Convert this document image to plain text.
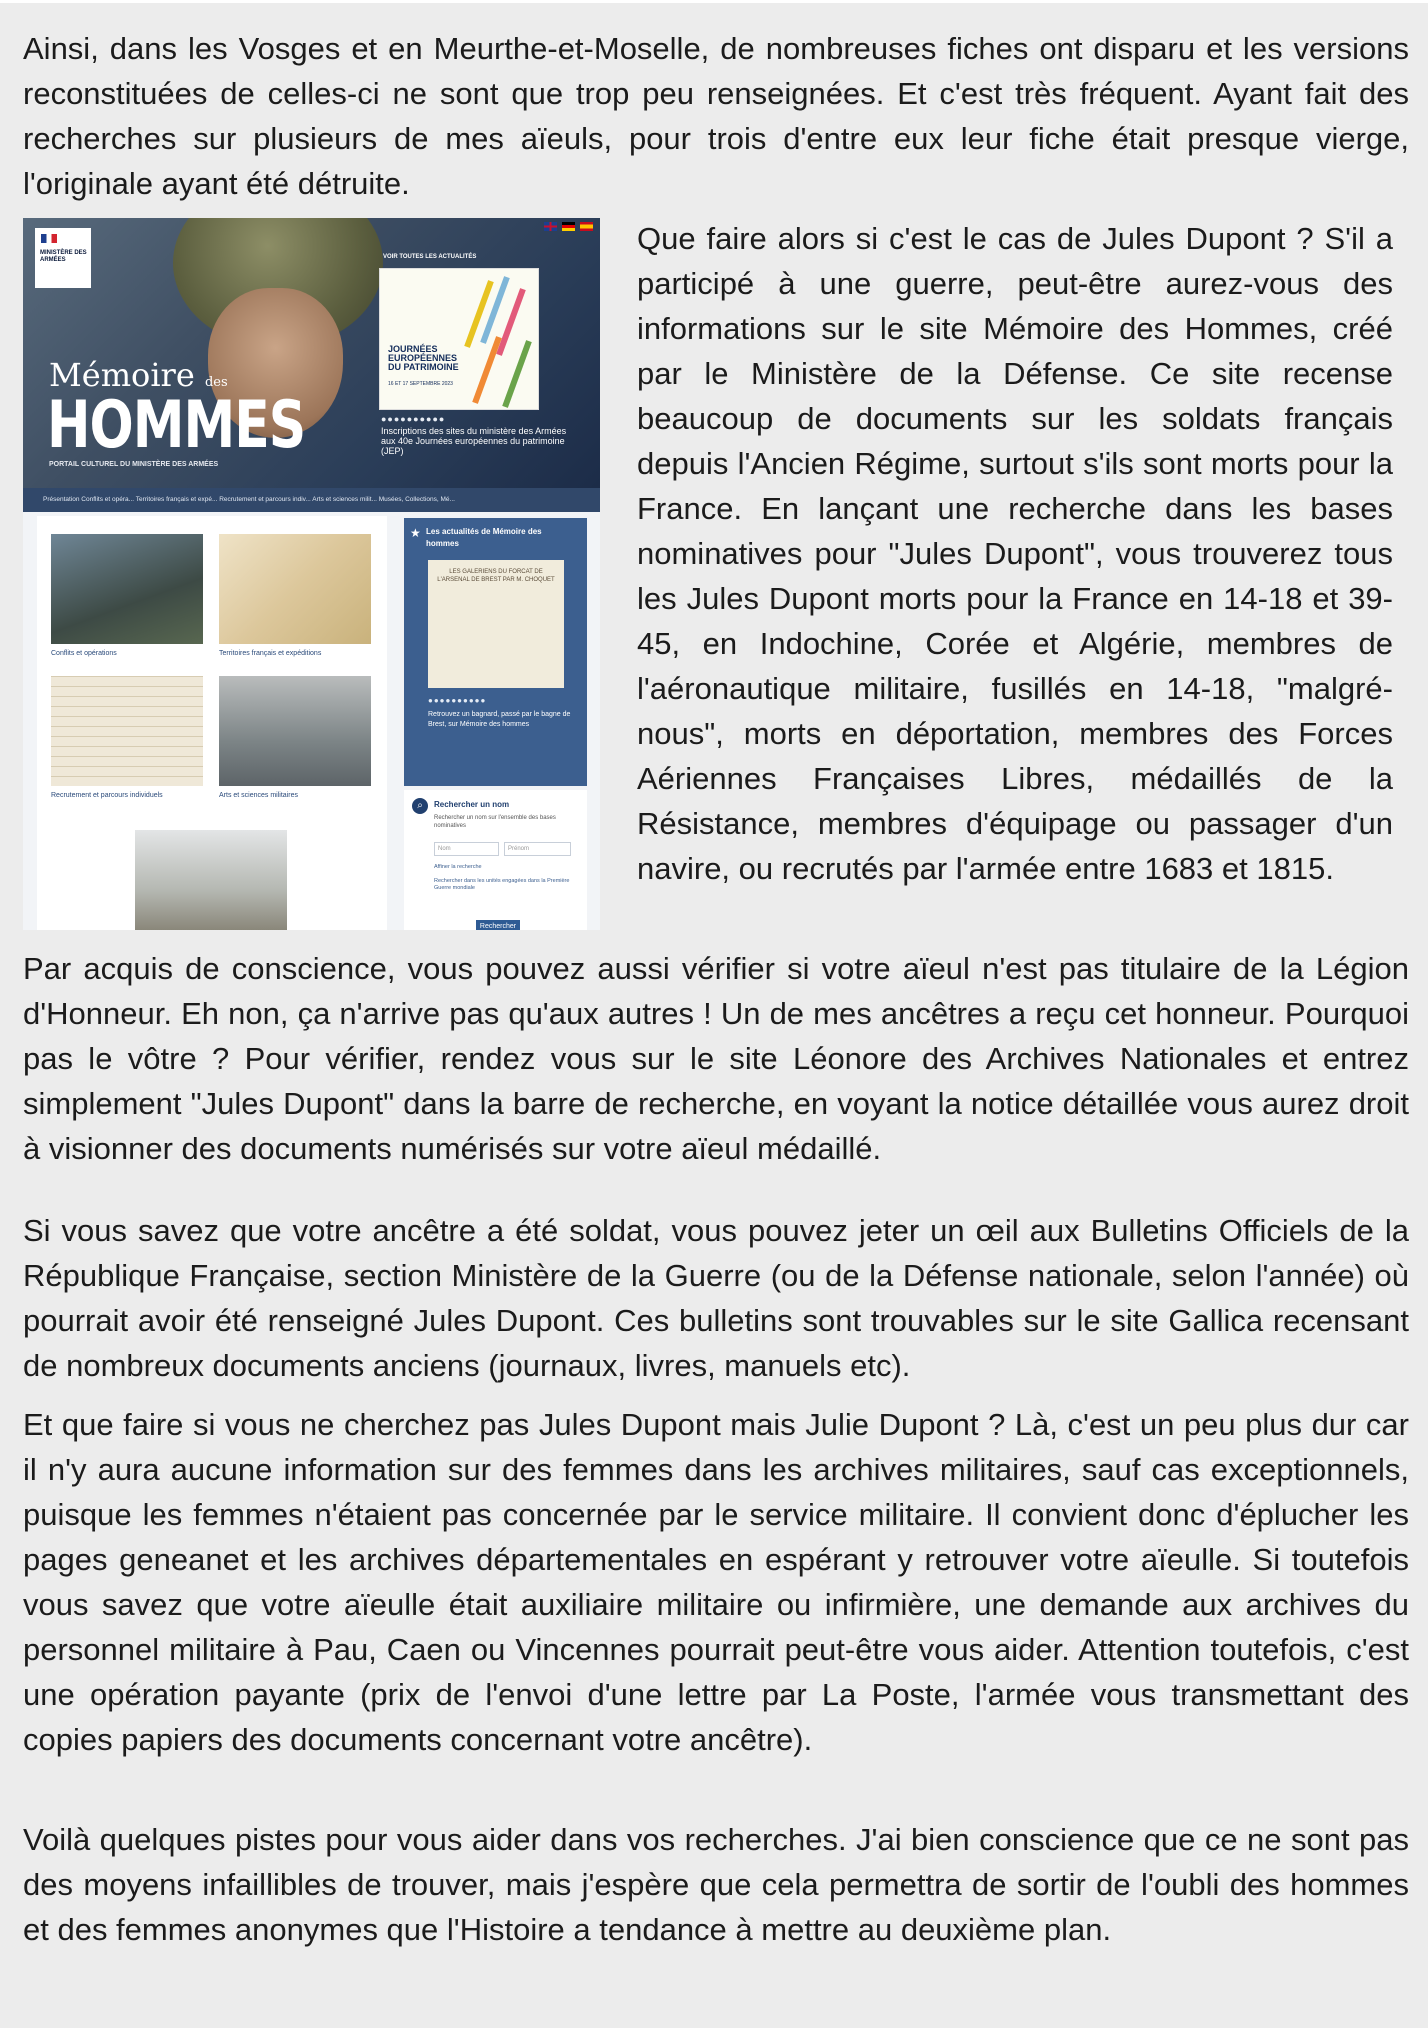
Ainsi, dans les Vosges et en Meurthe-et-Moselle, de nombreuses fiches ont disparu et les versions reconstituées de celles-ci ne sont que trop peu renseignées. Et c'est très fréquent. Ayant fait des recherches sur plusieurs de mes aïeuls, pour trois d'entre eux leur fiche était presque vierge, l'originale ayant été détruite.

MINISTÈRE DES ARMÉES
Mémoire des
HOMMES
PORTAIL CULTUREL DU MINISTÈRE DES ARMÉES
VOIR TOUTES LES ACTUALITÉS
JOURNÉES EUROPÉENNES DU PATRIMOINE
16 ET 17 SEPTEMBRE 2023
●●●●●●●●●●
Inscriptions des sites du ministère des Armées aux 40e Journées européennes du patrimoine (JEP)
Présentation Conflits et opéra... Territoires français et expé... Recrutement et parcours indiv... Arts et sciences milit... Musées, Collections, Mé...
Conflits et opérations	Territoires français et expéditions
Recrutement et parcours individuels	Arts et sciences militaires
★ Les actualités de Mémoire des hommes
LES GALERIENS DU FORCAT DE L'ARSENAL DE BREST PAR M. CHOQUET
●●●●●●●●●●
Retrouvez un bagnard, passé par le bagne de Brest, sur Mémoire des hommes
⌕	Rechercher un nom
Rechercher un nom sur l'ensemble des bases nominatives
Nom	Prénom
Affiner la recherche
Rechercher dans les unités engagées dans la Première Guerre mondiale
Rechercher

Que faire alors si c'est le cas de Jules Dupont ? S'il a participé à une guerre, peut-être aurez-vous des informations sur le site Mémoire des Hommes, créé par le Ministère de la Défense. Ce site recense beaucoup de documents sur les soldats français depuis l'Ancien Régime, surtout s'ils sont morts pour la France. En lançant une recherche dans les bases nominatives pour "Jules Dupont", vous trouverez tous les Jules Dupont morts pour la France en 14-18 et 39-45, en Indochine, Corée et Algérie, membres de l'aéronautique militaire, fusillés en 14-18, "malgré-nous", morts en déportation, membres des Forces Aériennes Françaises Libres, médaillés de la Résistance, membres d'équipage ou passager d'un navire, ou recrutés par l'armée entre 1683 et 1815.

Par acquis de conscience, vous pouvez aussi vérifier si votre aïeul n'est pas titulaire de la Légion d'Honneur. Eh non, ça n'arrive pas qu'aux autres ! Un de mes ancêtres a reçu cet honneur. Pourquoi pas le vôtre ? Pour vérifier, rendez vous sur le site Léonore des Archives Nationales et entrez simplement "Jules Dupont" dans la barre de recherche, en voyant la notice détaillée vous aurez droit à visionner des documents numérisés sur votre aïeul médaillé.

Si vous savez que votre ancêtre a été soldat, vous pouvez jeter un œil aux Bulletins Officiels de la République Française, section Ministère de la Guerre (ou de la Défense nationale, selon l'année) où pourrait avoir été renseigné Jules Dupont. Ces bulletins sont trouvables sur le site Gallica recensant de nombreux documents anciens (journaux, livres, manuels etc).

Et que faire si vous ne cherchez pas Jules Dupont mais Julie Dupont ? Là, c'est un peu plus dur car il n'y aura aucune information sur des femmes dans les archives militaires, sauf cas exceptionnels, puisque les femmes n'étaient pas concernée par le service militaire. Il convient donc d'éplucher les pages geneanet et les archives départementales en espérant y retrouver votre aïeulle. Si toutefois vous savez que votre aïeulle était auxiliaire militaire ou infirmière, une demande aux archives du personnel militaire à Pau, Caen ou Vincennes pourrait peut-être vous aider. Attention toutefois, c'est une opération payante (prix de l'envoi d'une lettre par La Poste, l'armée vous transmettant des copies papiers des documents concernant votre ancêtre).

Voilà quelques pistes pour vous aider dans vos recherches. J'ai bien conscience que ce ne sont pas des moyens infaillibles de trouver, mais j'espère que cela permettra de sortir de l'oubli des hommes et des femmes anonymes que l'Histoire a tendance à mettre au deuxième plan.
